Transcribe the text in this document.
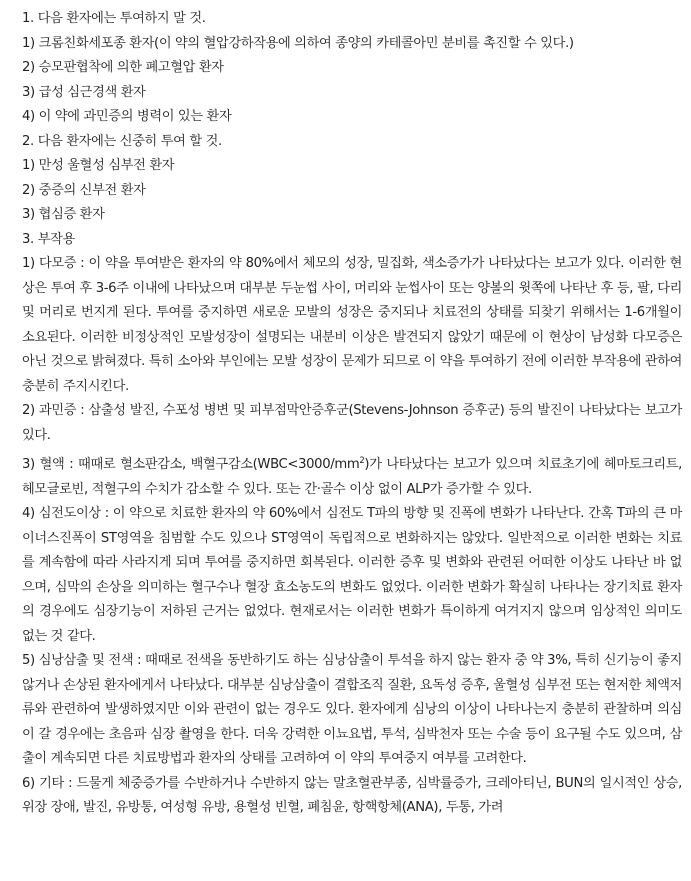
1. 다음 환자에는 투여하지 말 것.
1) 크롬친화세포종 환자(이 약의 혈압강하작용에 의하여 종양의 카테콜아민 분비를 촉진할 수 있다.)
2) 승모판협착에 의한 폐고혈압 환자
3) 급성 심근경색 환자
4) 이 약에 과민증의 병력이 있는 환자
2. 다음 환자에는 신중히 투여 할 것.
1) 만성 울혈성 심부전 환자
2) 중증의 신부전 환자
3) 협심증 환자
3. 부작용
1) 다모증 : 이 약을 투여받은 환자의 약 80%에서 체모의 성장, 밀집화, 색소증가가 나타났다는 보고가 있다. 이러한 현상은 투여 후 3-6주 이내에 나타났으며 대부분 두눈썹 사이, 머리와 눈썹사이 또는 양볼의 윗쪽에 나타난 후 등, 팔, 다리 및 머리로 번지게 된다. 투여를 중지하면 새로운 모발의 성장은 중지되나 치료전의 상태를 되찾기 위해서는 1-6개월이 소요된다. 이러한 비정상적인 모발성장이 설명되는 내분비 이상은 발견되지 않았기 때문에 이 현상이 남성화 다모증은 아닌 것으로 밝혀졌다. 특히 소아와 부인에는 모발 성장이 문제가 되므로 이 약을 투여하기 전에 이러한 부작용에 관하여 충분히 주지시킨다.
2) 과민증 : 삼출성 발진, 수포성 병변 및 피부점막안증후군(Stevens-Johnson 증후군) 등의 발진이 나타났다는 보고가 있다.
3) 혈액 : 때때로 혈소판감소, 백혈구감소$(WBC<3000/mm^2)$가 나타났다는 보고가 있으며 치료초기에 헤마토크리트, 헤모글로빈, 적혈구의 수치가 감소할 수 있다. 또는 간·골수 이상 없이 ALP가 증가할 수 있다.
4) 심전도이상 : 이 약으로 치료한 환자의 약 60%에서 심전도 T파의 방향 및 진폭에 변화가 나타난다. 간혹 T파의 큰 마이너스진폭이 ST영역을 침범할 수도 있으나 ST영역이 독립적으로 변화하지는 않았다. 일반적으로 이러한 변화는 치료를 계속함에 따라 사라지게 되며 투여를 중지하면 회복된다. 이러한 증후 및 변화와 관련된 어떠한 이상도 나타난 바 없으며, 심막의 손상을 의미하는 혈구수나 혈장 효소농도의 변화도 없었다. 이러한 변화가 확실히 나타나는 장기치료 환자의 경우에도 심장기능이 저하된 근거는 없었다. 현재로서는 이러한 변화가 특이하게 여겨지지 않으며 임상적인 의미도 없는 것 같다.
5) 심낭삼출 및 전색 : 때때로 전색을 동반하기도 하는 심낭삼출이 투석을 하지 않는 환자 중 약 3%, 특히 신기능이 좋지 않거나 손상된 환자에게서 나타났다. 대부분 심낭삼출이 결합조직 질환, 요독성 증후, 울혈성 심부전 또는 현저한 체액저류와 관련하여 발생하였지만 이와 관련이 없는 경우도 있다. 환자에게 심낭의 이상이 나타나는지 충분히 관찰하며 의심이 갈 경우에는 초음파 심장 촬영을 한다. 더욱 강력한 이뇨요법, 투석, 심박천자 또는 수술 등이 요구될 수도 있으며, 삼출이 계속되면 다른 치료방법과 환자의 상태를 고려하여 이 약의 투여중지 여부를 고려한다.
6) 기타 : 드물게 체중증가를 수반하거나 수반하지 않는 말초혈관부종, 심박률증가, 크레아티닌, BUN의 일시적인 상승, 위장 장애, 발진, 유방통, 여성형 유방, 용혈성 빈혈, 폐침윤, 항핵항체(ANA), 두통, 가려
